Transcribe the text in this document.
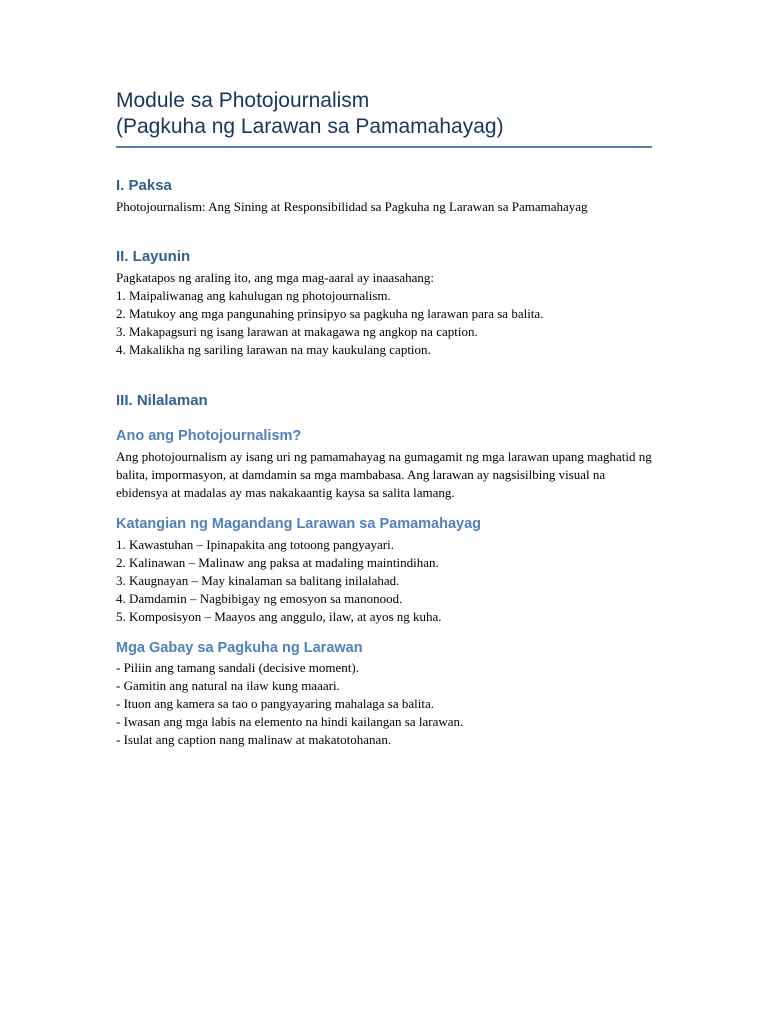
Module sa Photojournalism
(Pagkuha ng Larawan sa Pamamahayag)
I. Paksa

Photojournalism: Ang Sining at Responsibilidad sa Pagkuha ng Larawan sa Pamamahayag

II. Layunin

Pagkatapos ng araling ito, ang mga mag-aaral ay inaasahang:

1. Maipaliwanag ang kahulugan ng photojournalism.
2. Matukoy ang mga pangunahing prinsipyo sa pagkuha ng larawan para sa balita.
3. Makapagsuri ng isang larawan at makagawa ng angkop na caption.
4. Makalikha ng sariling larawan na may kaukulang caption.
III. Nilalaman
Ano ang Photojournalism?

Ang photojournalism ay isang uri ng pamamahayag na gumagamit ng mga larawan upang maghatid ng balita, impormasyon, at damdamin sa mga mambabasa. Ang larawan ay nagsisilbing visual na ebidensya at madalas ay mas nakakaantig kaysa sa salita lamang.

Katangian ng Magandang Larawan sa Pamamahayag
1. Kawastuhan – Ipinapakita ang totoong pangyayari.
2. Kalinawan – Malinaw ang paksa at madaling maintindihan.
3. Kaugnayan – May kinalaman sa balitang inilalahad.
4. Damdamin – Nagbibigay ng emosyon sa manonood.
5. Komposisyon – Maayos ang anggulo, ilaw, at ayos ng kuha.
Mga Gabay sa Pagkuha ng Larawan
- Piliin ang tamang sandali (decisive moment).
- Gamitin ang natural na ilaw kung maaari.
- Ituon ang kamera sa tao o pangyayaring mahalaga sa balita.
- Iwasan ang mga labis na elemento na hindi kailangan sa larawan.
- Isulat ang caption nang malinaw at makatotohanan.
